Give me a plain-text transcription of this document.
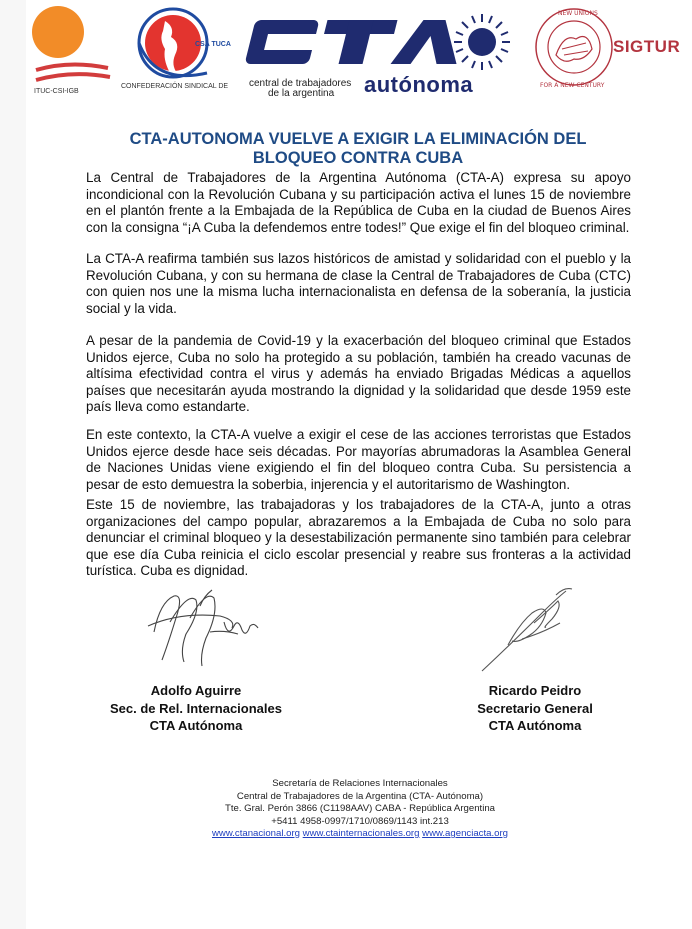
ITUC-CSI-IGB
CSA TUCA
CONFEDERACIÓN SINDICAL DE central de trabajadores
de la argentina autónoma
NEW UNIONS
FOR A NEW CENTURY
SIGTUR
CTA-AUTONOMA VUELVE A EXIGIR LA ELIMINACIÓN DEL
BLOQUEO CONTRA CUBA

La Central de Trabajadores de la Argentina Autónoma (CTA-A) expresa su apoyo incondicional con la Revolución Cubana y su participación activa el lunes 15 de noviembre en el plantón frente a la Embajada de la República de Cuba en la ciudad de Buenos Aires con la consigna “¡A Cuba la defendemos entre todes!” Que exige el fin del bloqueo criminal.

La CTA-A reafirma también sus lazos históricos de amistad y solidaridad con el pueblo y la Revolución Cubana, y con su hermana de clase la Central de Trabajadores de Cuba (CTC) con quien nos une la misma lucha internacionalista en defensa de la soberanía, la justicia social y la vida.

A pesar de la pandemia de Covid-19 y la exacerbación del bloqueo criminal que Estados Unidos ejerce, Cuba no solo ha protegido a su población, también ha creado vacunas de altísima efectividad contra el virus y además ha enviado Brigadas Médicas a aquellos países que necesitarán ayuda mostrando la dignidad y la solidaridad que desde 1959 este país lleva como estandarte.

En este contexto, la CTA-A vuelve a exigir el cese de las acciones terroristas que Estados Unidos ejerce desde hace seis décadas. Por mayorías abrumadoras la Asamblea General de Naciones Unidas viene exigiendo el fin del bloqueo contra Cuba. Su persistencia a pesar de esto demuestra la soberbia, injerencia y el autoritarismo de Washington.

Este 15 de noviembre, las trabajadoras y los trabajadores de la CTA-A, junto a otras organizaciones del campo popular, abrazaremos a la Embajada de Cuba no solo para denunciar el criminal bloqueo y la desestabilización permanente sino también para celebrar que ese día Cuba reinicia el ciclo escolar presencial y reabre sus fronteras a la actividad turística. Cuba es dignidad.

Adolfo Aguirre
Sec. de Rel. Internacionales
CTA Autónoma
Ricardo Peidro
Secretario General
CTA Autónoma
Secretaría de Relaciones Internacionales
Central de Trabajadores de la Argentina (CTA- Autónoma)
Tte. Gral. Perón 3866 (C1198AAV) CABA - República Argentina
+5411 4958-0997/1710/0869/1143 int.213
www.ctanacional.org www.ctainternacionales.org www.agenciacta.org
